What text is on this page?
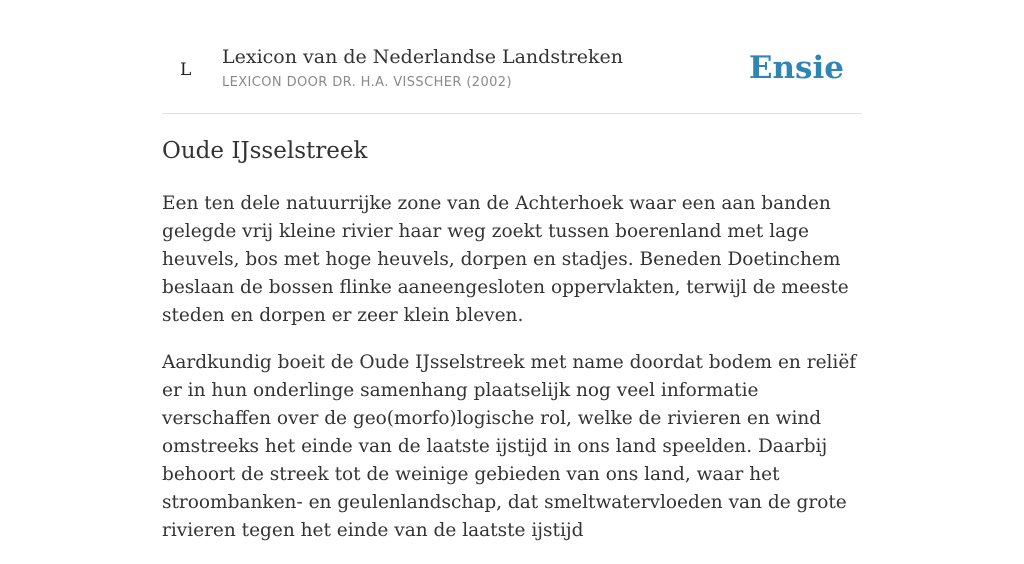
L
Lexicon van de Nederlandse Landstreken
LEXICON DOOR DR. H.A. VISSCHER (2002)	Ensie
Oude IJsselstreek

Een ten dele natuurrijke zone van de Achterhoek waar een aan banden gelegde vrij kleine rivier haar weg zoekt tussen boerenland met lage heuvels, bos met hoge heuvels, dorpen en stadjes. Beneden Doetinchem beslaan de bossen flinke aaneengesloten oppervlakten, terwijl de meeste steden en dorpen er zeer klein bleven.

Aardkundig boeit de Oude IJsselstreek met name doordat bodem en reliëf er in hun onderlinge samenhang plaatselijk nog veel informatie verschaffen over de geo(morfo)logische rol, welke de rivieren en wind omstreeks het einde van de laatste ijstijd in ons land speelden. Daarbij behoort de streek tot de weinige gebieden van ons land, waar het stroombanken- en geulenlandschap, dat smeltwatervloeden van de grote rivieren tegen het einde van de laatste ijstijd
